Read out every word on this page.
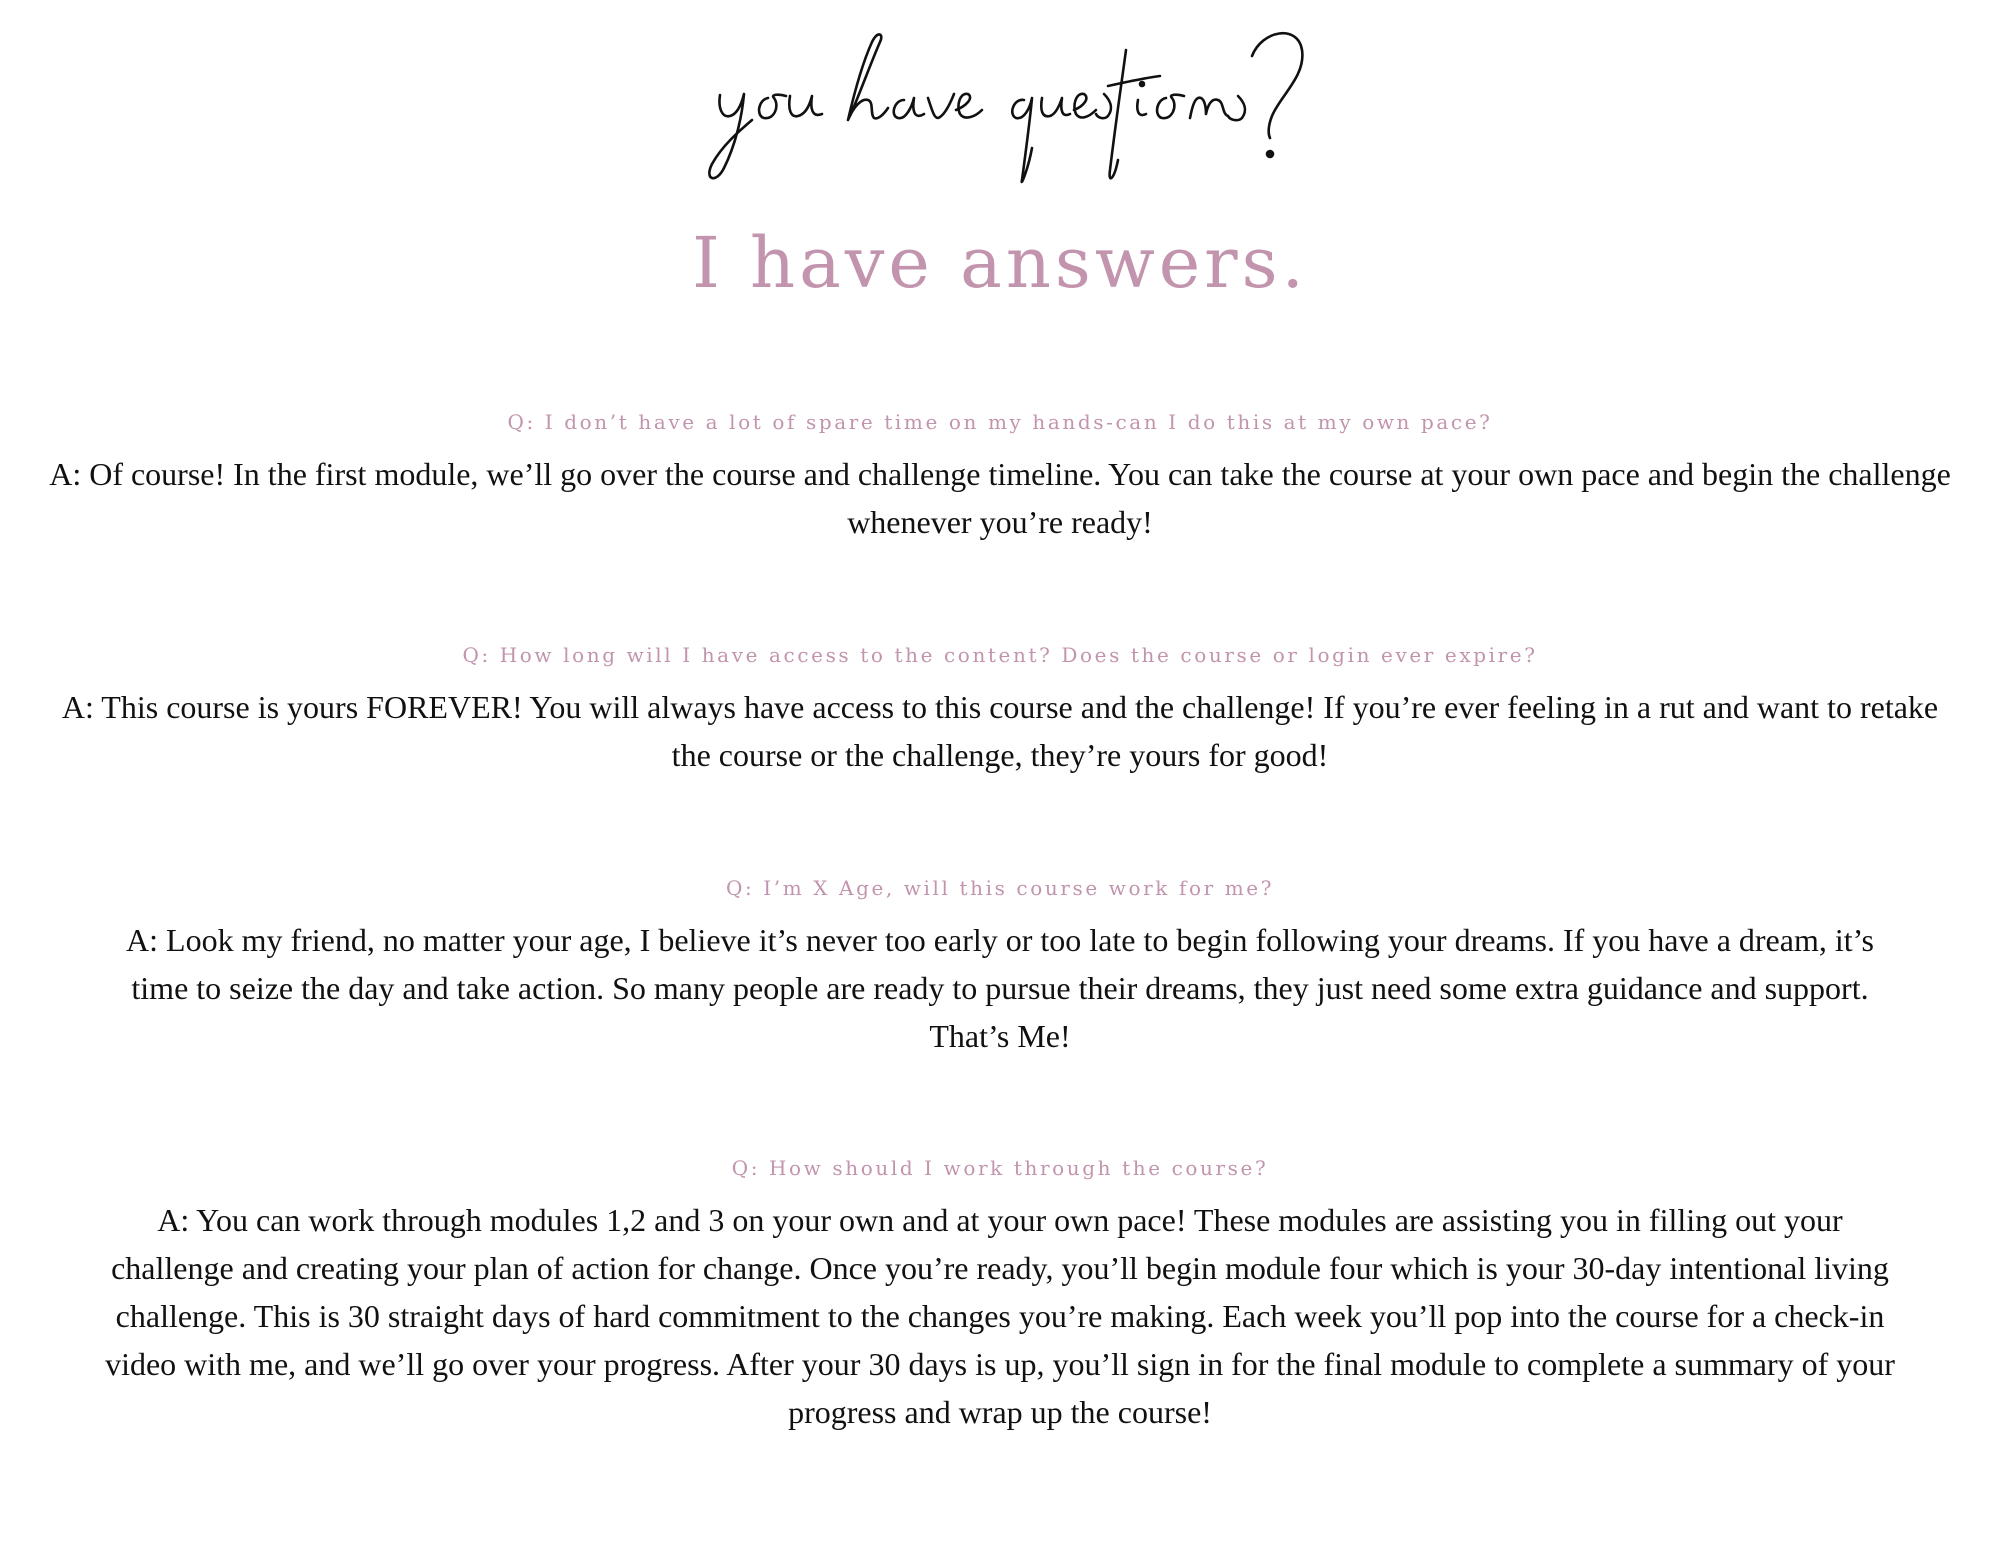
I have answers.
Q: I don’t have a lot of spare time on my hands-can I do this at my own pace?

A: Of course! In the first module, we’ll go over the course and challenge timeline. You can take the course at your own pace and begin the challenge whenever you’re ready!

Q: How long will I have access to the content? Does the course or login ever expire?

A: This course is yours FOREVER! You will always have access to this course and the challenge! If you’re ever feeling in a rut and want to retake the course or the challenge, they’re yours for good!

Q: I’m X Age, will this course work for me?

A: Look my friend, no matter your age, I believe it’s never too early or too late to begin following your dreams. If you have a dream, it’s time to seize the day and take action. So many people are ready to pursue their dreams, they just need some extra guidance and support. That’s Me!

Q: How should I work through the course?

A: You can work through modules 1,2 and 3 on your own and at your own pace! These modules are assisting you in filling out your challenge and creating your plan of action for change. Once you’re ready, you’ll begin module four which is your 30-day intentional living challenge. This is 30 straight days of hard commitment to the changes you’re making. Each week you’ll pop into the course for a check-in video with me, and we’ll go over your progress. After your 30 days is up, you’ll sign in for the final module to complete a summary of your progress and wrap up the course!
